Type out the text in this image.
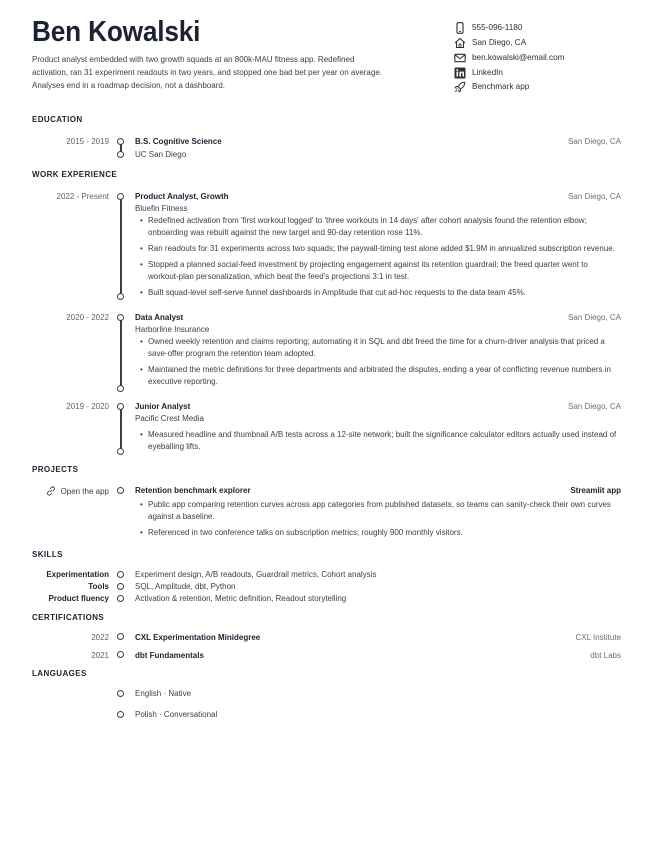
Ben Kowalski
Product analyst embedded with two growth squads at an 800k-MAU fitness app. Redefined activation, ran 31 experiment readouts in two years, and stopped one bad bet per year on average. Analyses end in a roadmap decision, not a dashboard.
555-096-1180
San Diego, CA
ben.kowalski@email.com
LinkedIn
Benchmark app
EDUCATION
2015 - 2019	B.S. Cognitive Science
UC San Diego
San Diego, CA
WORK EXPERIENCE
2022 - Present	Product Analyst, Growth
Bluefin Fitness
San Diego, CA
• Redefined activation from 'first workout logged' to 'three workouts in 14 days' after cohort analysis found the retention elbow; onboarding was rebuilt against the new target and 90-day retention rose 11%.
• Ran readouts for 31 experiments across two squads; the paywall-timing test alone added $1.9M in annualized subscription revenue.
• Stopped a planned social-feed investment by projecting engagement against its retention guardrail; the freed quarter went to workout-plan personalization, which beat the feed's projections 3:1 in test.
• Built squad-level self-serve funnel dashboards in Amplitude that cut ad-hoc requests to the data team 45%.
2020 - 2022	Data Analyst
Harborline Insurance
San Diego, CA
• Owned weekly retention and claims reporting; automating it in SQL and dbt freed the time for a churn-driver analysis that priced a save-offer program the retention team adopted.
• Maintained the metric definitions for three departments and arbitrated the disputes, ending a year of conflicting revenue numbers in executive reporting.
2019 - 2020	Junior Analyst
Pacific Crest Media
San Diego, CA
• Measured headline and thumbnail A/B tests across a 12-site network; built the significance calculator editors actually used instead of eyeballing lifts.
PROJECTS
Open the app	Retention benchmark explorer	Streamlit app
• Public app comparing retention curves across app categories from published datasets, so teams can sanity-check their own curves against a baseline.
• Referenced in two conference talks on subscription metrics; roughly 900 monthly visitors.
SKILLS
Experimentation	Experiment design, A/B readouts, Guardrail metrics, Cohort analysis
Tools	SQL, Amplitude, dbt, Python
Product fluency	Activation & retention, Metric definition, Readout storytelling
CERTIFICATIONS
2022	CXL Experimentation Minidegree	CXL Institute
2021	dbt Fundamentals	dbt Labs
LANGUAGES
English · Native
Polish · Conversational
